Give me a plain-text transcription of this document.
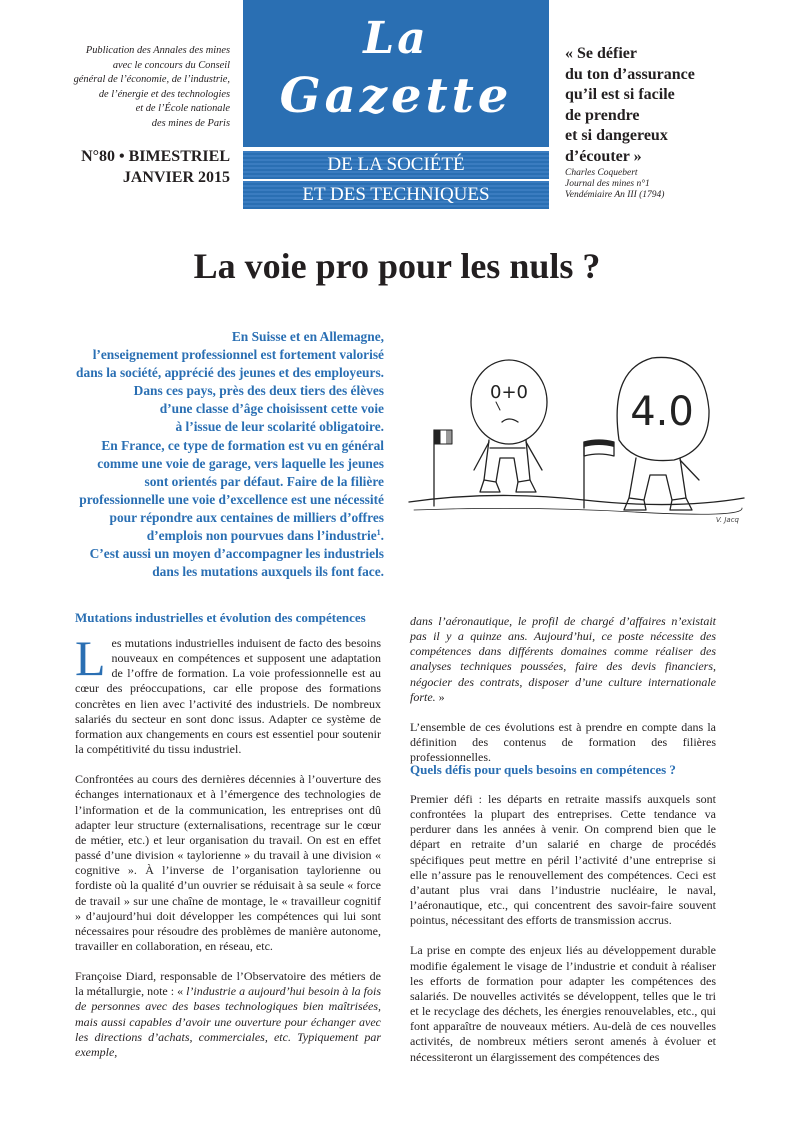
Publication des Annales des mines
avec le concours du Conseil
général de l’économie, de l’industrie,
de l’énergie et des technologies
et de l’École nationale
des mines de Paris
N°80 • BIMESTRIEL
JANVIER 2015
La
Gazette
DE LA SOCIÉTÉ
ET DES TECHNIQUES
« Se défier
du ton d’assurance
qu’il est si facile
de prendre
et si dangereux
d’écouter »
Charles Coquebert
Journal des mines n°1
Vendémiaire An III (1794)
La voie pro pour les nuls ?
En Suisse et en Allemagne,
l’enseignement professionnel est fortement valorisé
dans la société, apprécié des jeunes et des employeurs.
Dans ces pays, près des deux tiers des élèves
d’une classe d’âge choisissent cette voie
à l’issue de leur scolarité obligatoire.
En France, ce type de formation est vu en général
comme une voie de garage, vers laquelle les jeunes
sont orientés par défaut. Faire de la filière
professionnelle une voie d’excellence est une nécessité
pour répondre aux centaines de milliers d’offres
d’emplois non pourvues dans l’industrie$^1$.
C’est aussi un moyen d’accompagner les industriels
dans les mutations auxquels ils font face.
0+0	4.0
V. Jacq
Mutations industrielles et évolution des compétences

Les mutations industrielles induisent de facto des besoins nouveaux en compétences et supposent une adaptation de l’offre de formation. La voie professionnelle est au cœur des préoccupations, car elle propose des formations concrètes en lien avec l’activité des industriels. De nombreux salariés du secteur en sont donc issus. Adapter ce système de formation aux changements en cours est essentiel pour soutenir la compétitivité du tissu industriel.

Confrontées au cours des dernières décennies à l’ouverture des échanges internationaux et à l’émergence des technologies de l’information et de la communication, les entreprises ont dû adapter leur structure (externalisations, recentrage sur le cœur de métier, etc.) et leur organisation du travail. On est en effet passé d’une division « taylorienne » du travail à une division « cognitive ». À l’inverse de l’organisation taylorienne ou fordiste où la qualité d’un ouvrier se réduisait à sa seule « force de travail » sur une chaîne de montage, le « travailleur cognitif » d’aujourd’hui doit développer les compétences qui lui sont nécessaires pour résoudre des problèmes de manière autonome, travailler en collaboration, en réseau, etc.

Françoise Diard, responsable de l’Observatoire des métiers de la métallurgie, note : « l’industrie a aujourd’hui besoin à la fois de personnes avec des bases technologiques bien maîtrisées, mais aussi capables d’avoir une ouverture pour échanger avec les directions d’achats, commerciales, etc. Typiquement par exemple,

dans l’aéronautique, le profil de chargé d’affaires n’existait pas il y a quinze ans. Aujourd’hui, ce poste nécessite des compétences dans différents domaines comme réaliser des analyses techniques poussées, faire des devis financiers, négocier des contrats, disposer d’une culture internationale forte. »

L’ensemble de ces évolutions est à prendre en compte dans la définition des contenus de formation des filières professionnelles.

Quels défis pour quels besoins en compétences ?

Premier défi : les départs en retraite massifs auxquels sont confrontées la plupart des entreprises. Cette tendance va perdurer dans les années à venir. On comprend bien que le départ en retraite d’un salarié en charge de procédés spécifiques peut mettre en péril l’activité d’une entreprise si elle n’assure pas le renouvellement des compétences. Ceci est d’autant plus vrai dans l’industrie nucléaire, le naval, l’aéronautique, etc., qui concentrent des savoir-faire souvent pointus, nécessitant des efforts de transmission accrus.

La prise en compte des enjeux liés au développement durable modifie également le visage de l’industrie et conduit à réaliser les efforts de formation pour adapter les compétences des salariés. De nouvelles activités se développent, telles que le tri et le recyclage des déchets, les énergies renouvelables, etc., qui font apparaître de nouveaux métiers. Au-delà de ces nouvelles activités, de nombreux métiers seront amenés à évoluer et nécessiteront un élargissement des compétences des
